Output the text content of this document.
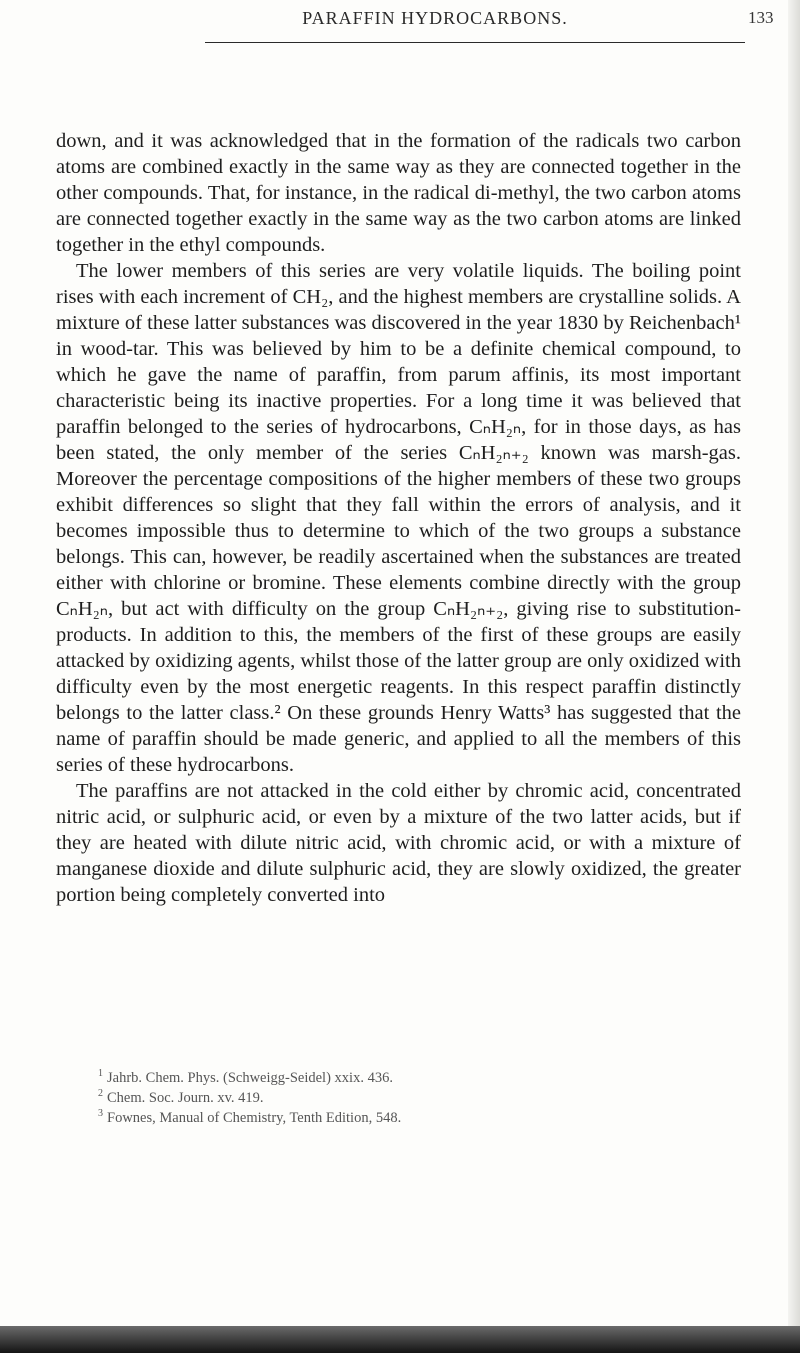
PARAFFIN HYDROCARBONS.	133

down, and it was acknowledged that in the formation of the radicals two carbon atoms are combined exactly in the same way as they are connected together in the other compounds. That, for instance, in the radical di-methyl, the two carbon atoms are connected together exactly in the same way as the two carbon atoms are linked together in the ethyl compounds.

The lower members of this series are very volatile liquids. The boiling point rises with each increment of CH₂, and the highest members are crystalline solids. A mixture of these latter substances was discovered in the year 1830 by Reichenbach¹ in wood-tar. This was believed by him to be a definite chemical compound, to which he gave the name of paraffin, from parum affinis, its most important characteristic being its inactive properties. For a long time it was believed that paraffin belonged to the series of hydrocarbons, CₙH₂ₙ, for in those days, as has been stated, the only member of the series CₙH₂ₙ₊₂ known was marsh-gas. Moreover the percentage compositions of the higher members of these two groups exhibit differences so slight that they fall within the errors of analysis, and it becomes impossible thus to determine to which of the two groups a substance belongs. This can, however, be readily ascertained when the substances are treated either with chlorine or bromine. These elements combine directly with the group CₙH₂ₙ, but act with difficulty on the group CₙH₂ₙ₊₂, giving rise to substitution-products. In addition to this, the members of the first of these groups are easily attacked by oxidizing agents, whilst those of the latter group are only oxidized with difficulty even by the most energetic reagents. In this respect paraffin distinctly belongs to the latter class.² On these grounds Henry Watts³ has suggested that the name of paraffin should be made generic, and applied to all the members of this series of these hydrocarbons.

The paraffins are not attacked in the cold either by chromic acid, concentrated nitric acid, or sulphuric acid, or even by a mixture of the two latter acids, but if they are heated with dilute nitric acid, with chromic acid, or with a mixture of manganese dioxide and dilute sulphuric acid, they are slowly oxidized, the greater portion being completely converted into

$^1$ Jahrb. Chem. Phys. (Schweigg-Seidel) xxix. 436.
$^2$ Chem. Soc. Journ. xv. 419.
$^3$ Fownes, Manual of Chemistry, Tenth Edition, 548.
